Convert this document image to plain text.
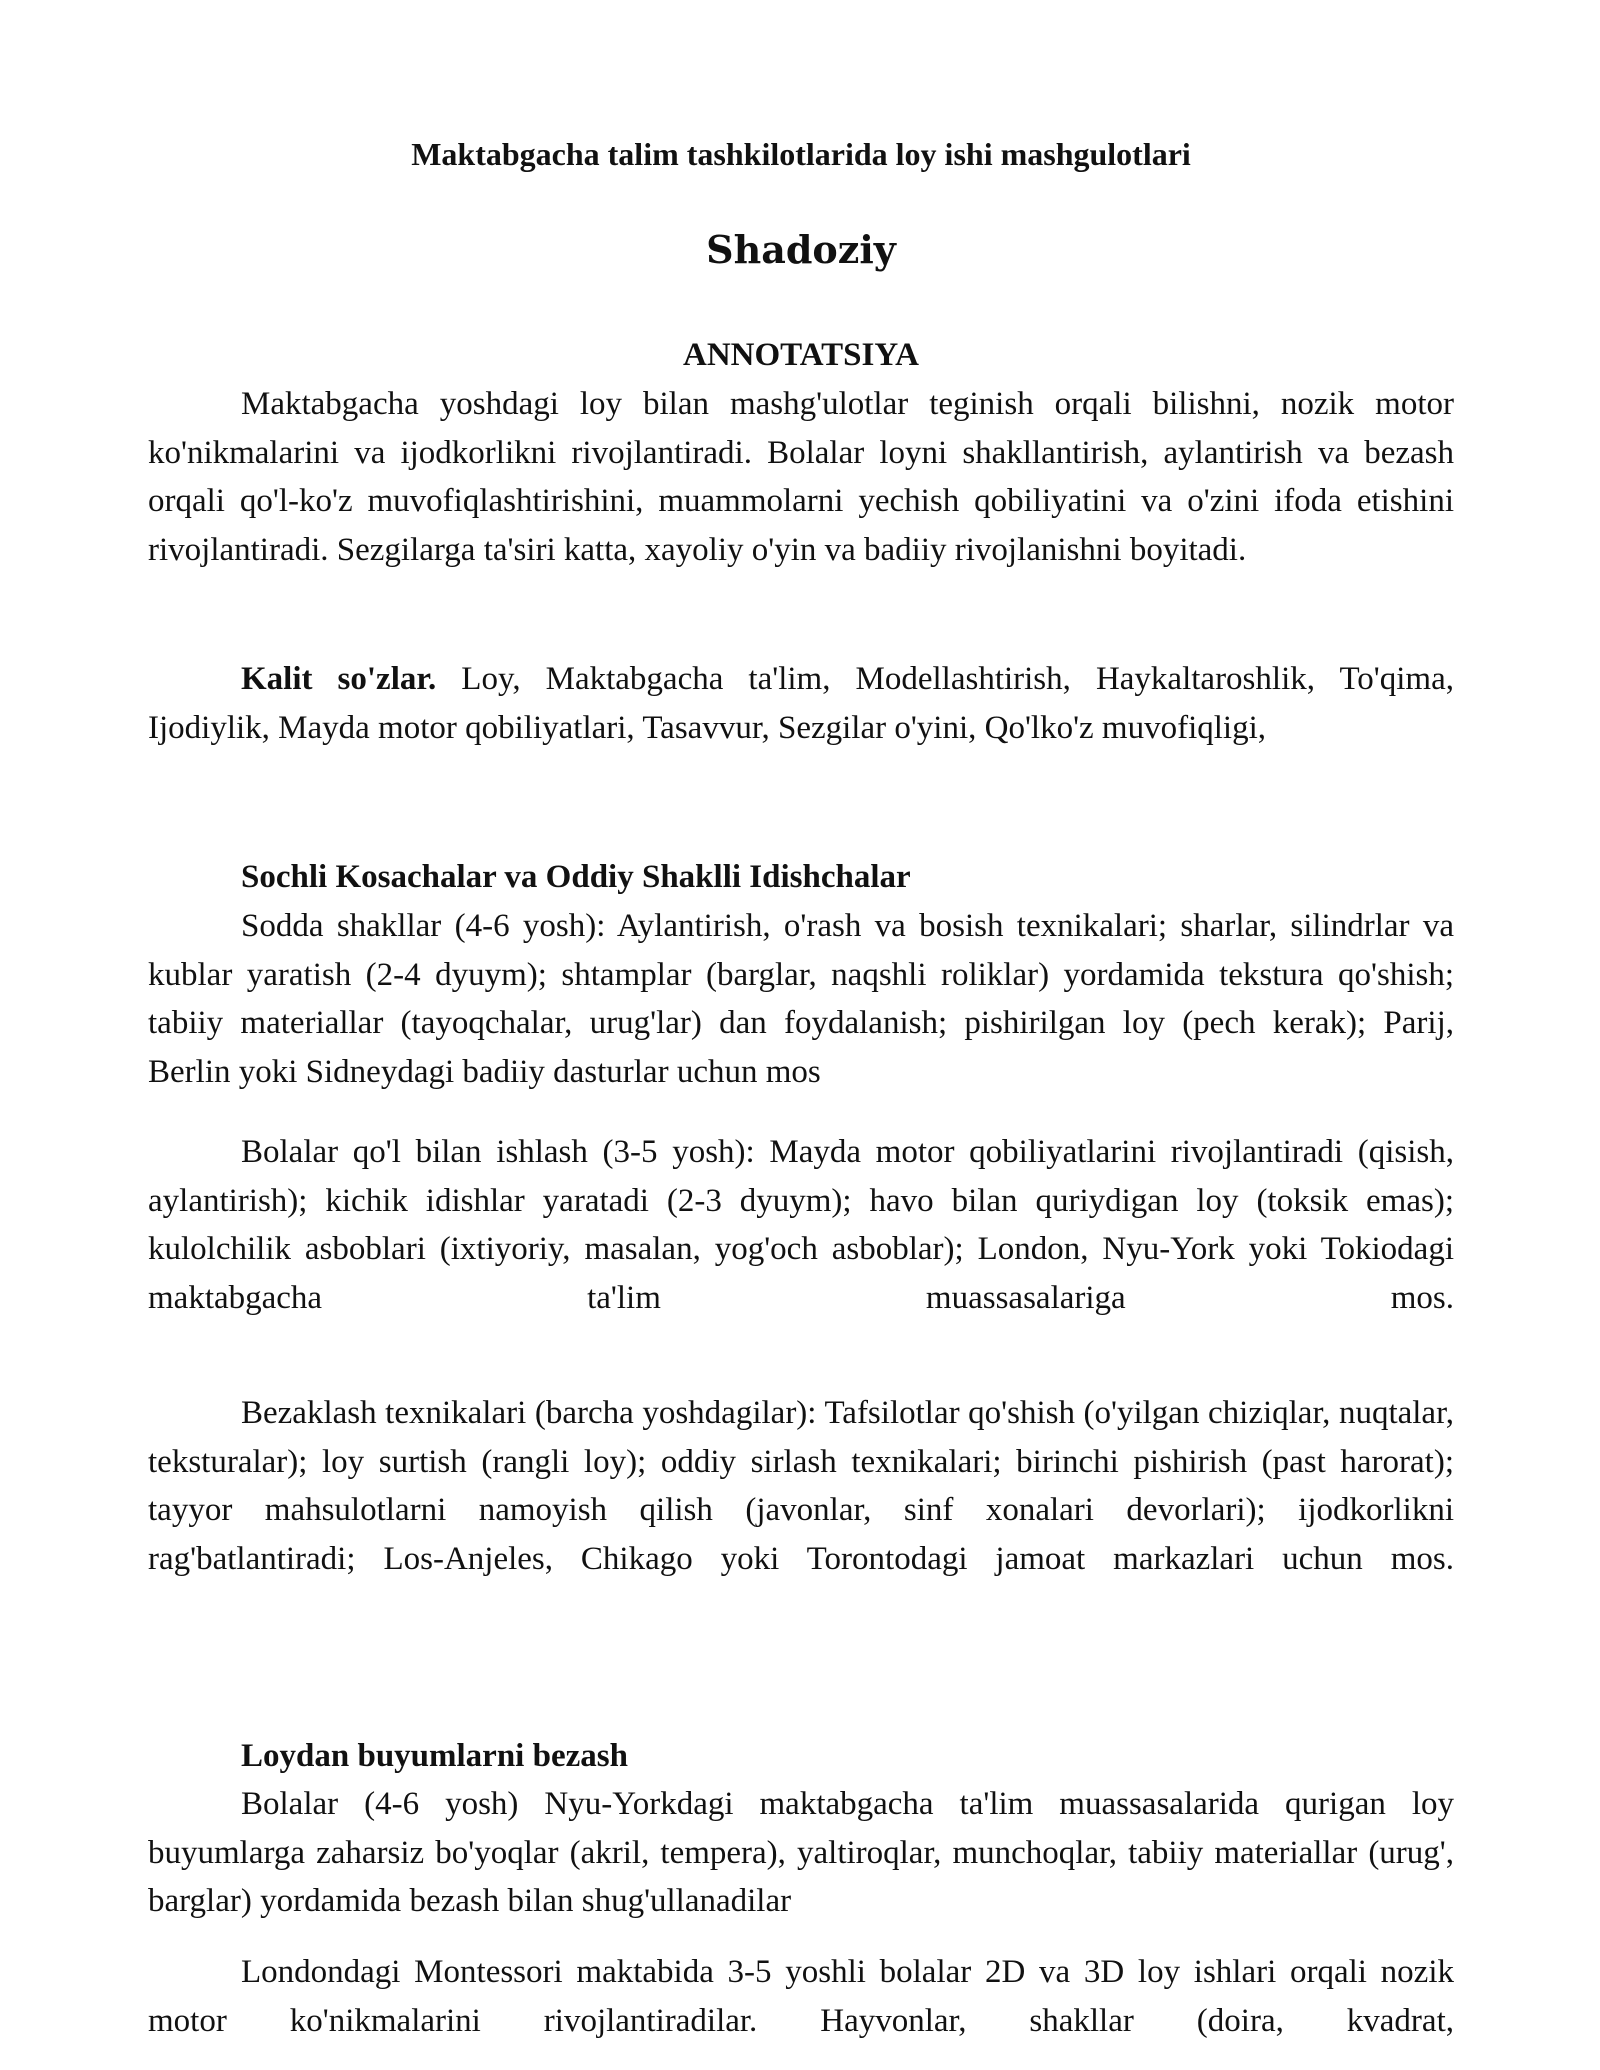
Maktabgacha talim tashkilotlarida loy ishi mashgulotlari
Shadoziy
ANNOTATSIYA

Maktabgacha yoshdagi loy bilan mashg'ulotlar teginish orqali bilishni, nozik motor ko'nikmalarini va ijodkorlikni rivojlantiradi. Bolalar loyni shakllantirish, aylantirish va bezash orqali qo'l-ko'z muvofiqlashtirishini, muammolarni yechish qobiliyatini va o'zini ifoda etishini rivojlantiradi. Sezgilarga ta'siri katta, xayoliy o'yin va badiiy rivojlanishni boyitadi.

Kalit so'zlar. Loy, Maktabgacha ta'lim, Modellashtirish, Haykaltaroshlik, To'qima, Ijodiylik, Mayda motor qobiliyatlari, Tasavvur, Sezgilar o'yini, Qo'lko'z muvofiqligi,

Sochli Kosachalar va Oddiy Shaklli Idishchalar

Sodda shakllar (4-6 yosh): Aylantirish, o'rash va bosish texnikalari; sharlar, silindrlar va kublar yaratish (2-4 dyuym); shtamplar (barglar, naqshli roliklar) yordamida tekstura qo'shish; tabiiy materiallar (tayoqchalar, urug'lar) dan foydalanish; pishirilgan loy (pech kerak); Parij, Berlin yoki Sidneydagi badiiy dasturlar uchun mos

Bolalar qo'l bilan ishlash (3-5 yosh): Mayda motor qobiliyatlarini rivojlantiradi (qisish, aylantirish); kichik idishlar yaratadi (2-3 dyuym); havo bilan quriydigan loy (toksik emas); kulolchilik asboblari (ixtiyoriy, masalan, yog'och asboblar); London, Nyu-York yoki Tokiodagi maktabgacha ta'lim muassasalariga mos.

Bezaklash texnikalari (barcha yoshdagilar): Tafsilotlar qo'shish (o'yilgan chiziqlar, nuqtalar, teksturalar); loy surtish (rangli loy); oddiy sirlash texnikalari; birinchi pishirish (past harorat); tayyor mahsulotlarni namoyish qilish (javonlar, sinf xonalari devorlari); ijodkorlikni rag'batlantiradi; Los-Anjeles, Chikago yoki Torontodagi jamoat markazlari uchun mos.

Loydan buyumlarni bezash

Bolalar (4-6 yosh) Nyu-Yorkdagi maktabgacha ta'lim muassasalarida qurigan loy buyumlarga zaharsiz bo'yoqlar (akril, tempera), yaltiroqlar, munchoqlar, tabiiy materiallar (urug', barglar) yordamida bezash bilan shug'ullanadilar

Londondagi Montessori maktabida 3-5 yoshli bolalar 2D va 3D loy ishlari orqali nozik motor ko'nikmalarini rivojlantiradilar. Hayvonlar, shakllar (doira, kvadrat,
